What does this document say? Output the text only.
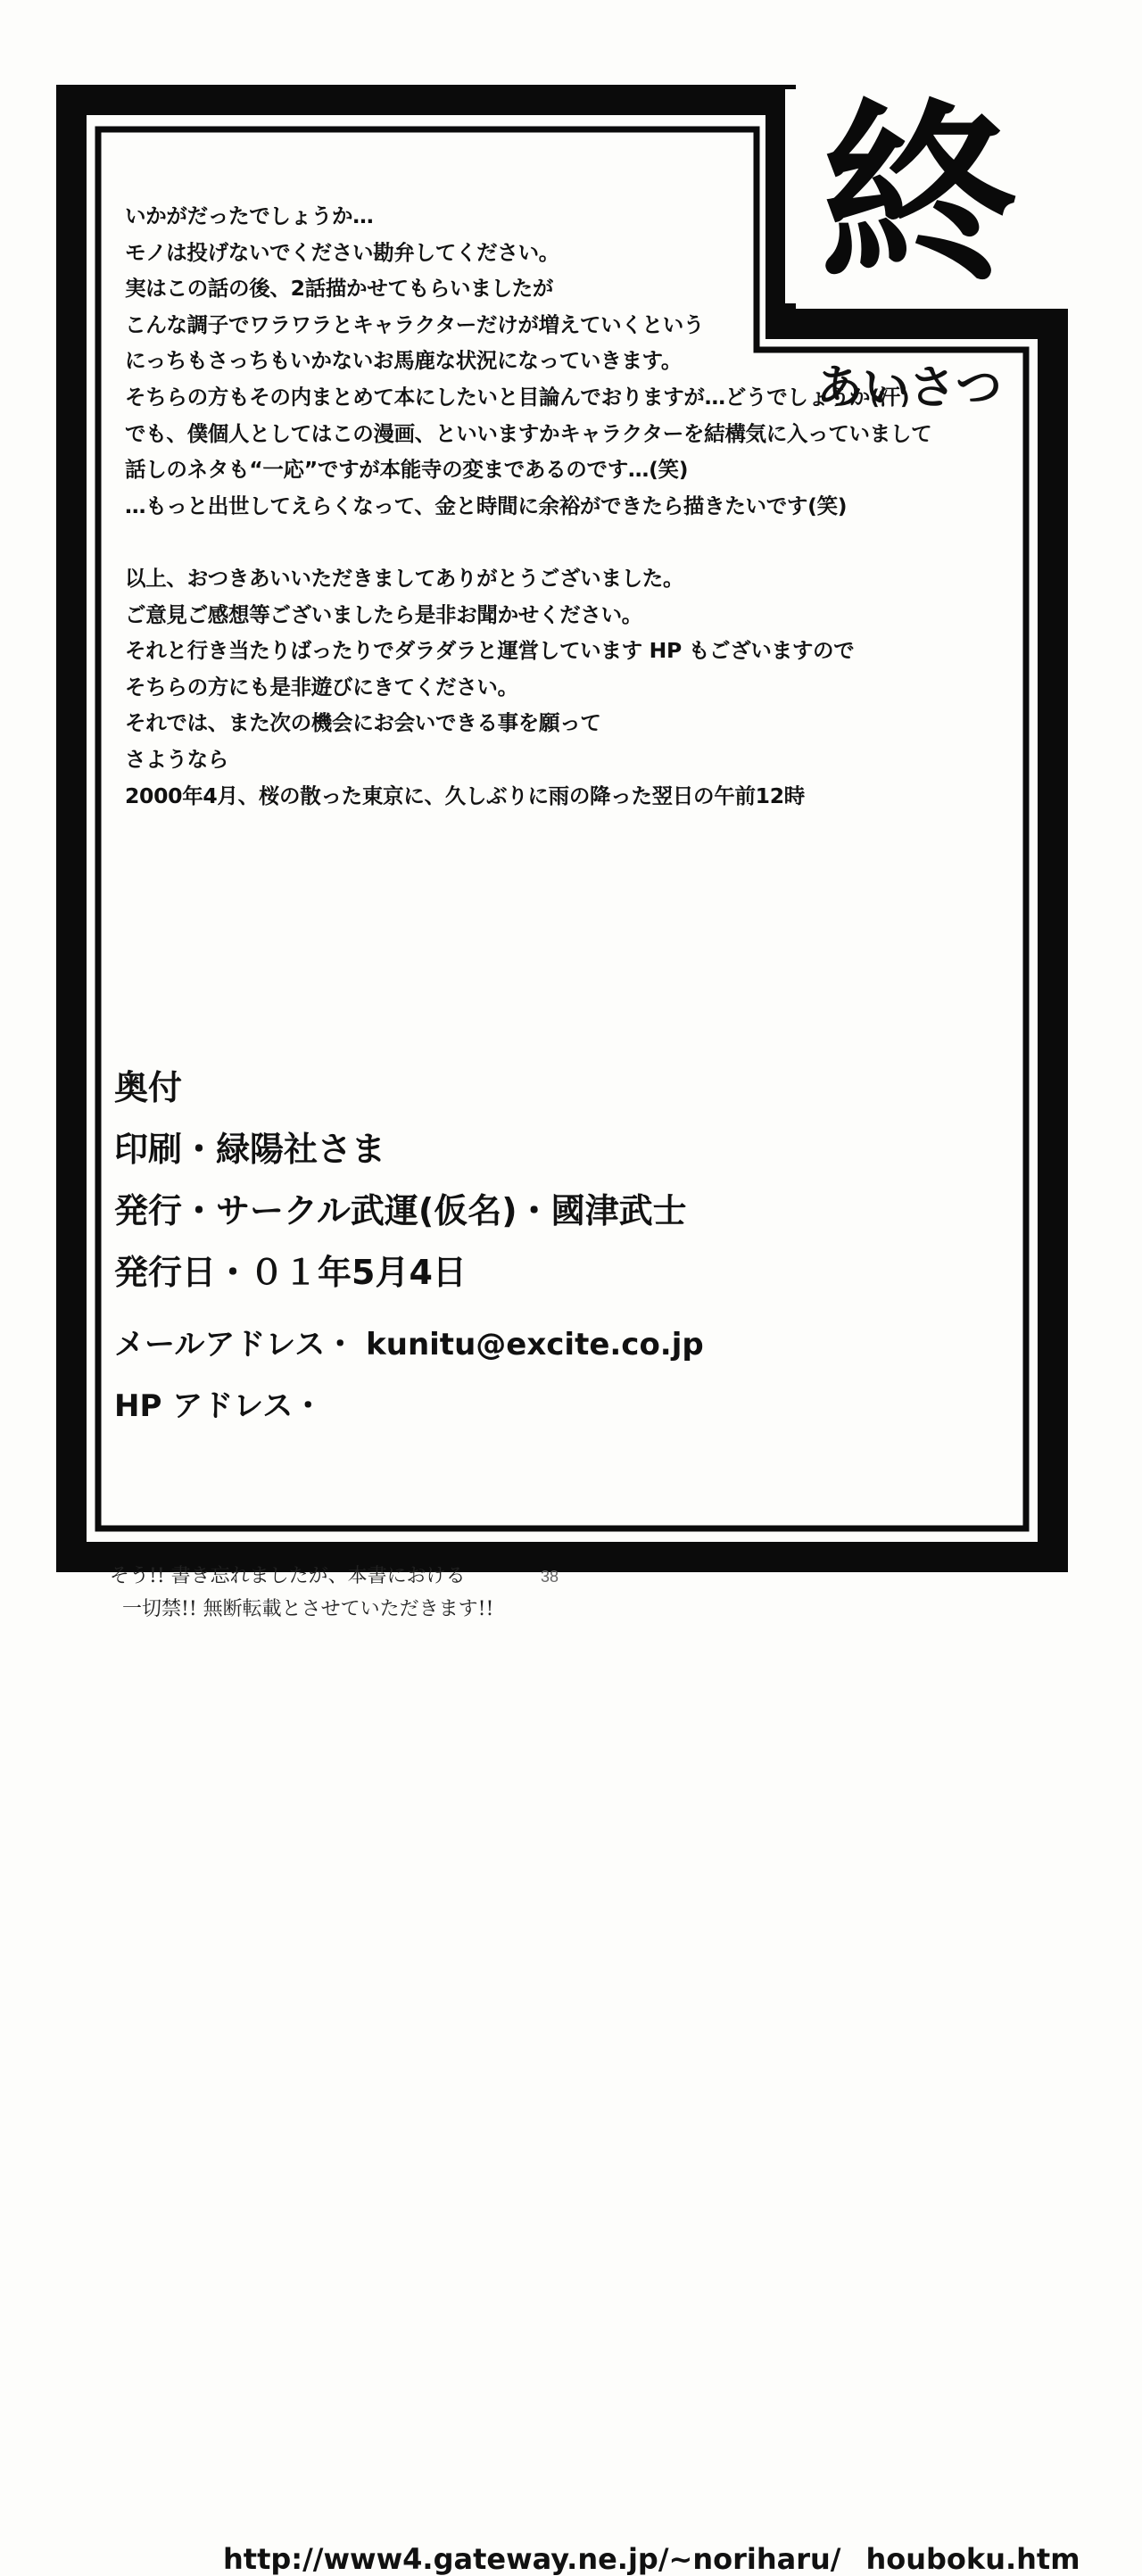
終
あいさつ
いかがだったでしょうか…
モノは投げないでください勘弁してください。
実はこの話の後、2話描かせてもらいましたが
こんな調子でワラワラとキャラクターだけが増えていくという
にっちもさっちもいかないお馬鹿な状況になっていきます。
そちらの方もその内まとめて本にしたいと目論んでおりますが…どうでしょうか(汗)
でも、僕個人としてはこの漫画、といいますかキャラクターを結構気に入っていまして
話しのネタも“一応”ですが本能寺の変まであるのです…(笑)
…もっと出世してえらくなって、金と時間に余裕ができたら描きたいです(笑)
以上、おつきあいいただきましてありがとうございました。
ご意見ご感想等ございましたら是非お聞かせください。
それと行き当たりばったりでダラダラと運営しています HP もございますので
そちらの方にも是非遊びにきてください。
それでは、また次の機会にお会いできる事を願って
さようなら
2000年4月、桜の散った東京に、久しぶりに雨の降った翌日の午前12時
奥付
印刷・緑陽社さま
発行・サークル武運(仮名)・國津武士
発行日・０１年5月4日
メールアドレス・ kunitu@excite.co.jp
HP アドレス・
http://www4.gateway.ne.jp/~noriharu/ houboku.htm
そう!! 書き忘れましたが、本書における
一切禁!! 無断転載とさせていただきます!!
38
